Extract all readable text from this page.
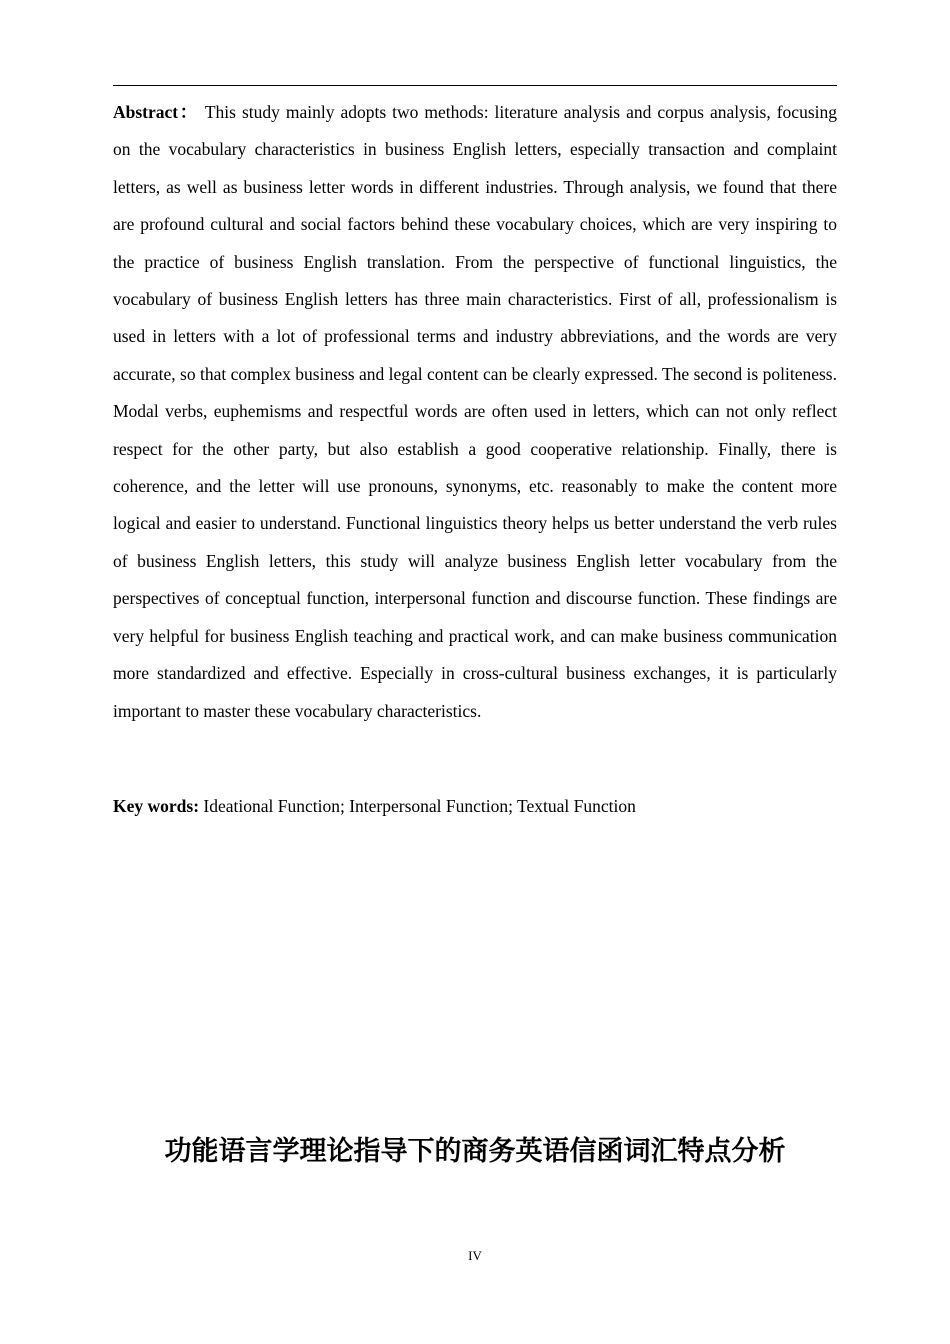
Abstract： This study mainly adopts two methods: literature analysis and corpus analysis, focusing on the vocabulary characteristics in business English letters, especially transaction and complaint letters, as well as business letter words in different industries. Through analysis, we found that there are profound cultural and social factors behind these vocabulary choices, which are very inspiring to the practice of business English translation. From the perspective of functional linguistics, the vocabulary of business English letters has three main characteristics. First of all, professionalism is used in letters with a lot of professional terms and industry abbreviations, and the words are very accurate, so that complex business and legal content can be clearly expressed. The second is politeness. Modal verbs, euphemisms and respectful words are often used in letters, which can not only reflect respect for the other party, but also establish a good cooperative relationship. Finally, there is coherence, and the letter will use pronouns, synonyms, etc. reasonably to make the content more logical and easier to understand. Functional linguistics theory helps us better understand the verb rules of business English letters, this study will analyze business English letter vocabulary from the perspectives of conceptual function, interpersonal function and discourse function. These findings are very helpful for business English teaching and practical work, and can make business communication more standardized and effective. Especially in cross-cultural business exchanges, it is particularly important to master these vocabulary characteristics.

Key words: Ideational Function; Interpersonal Function; Textual Function

功能语言学理论指导下的商务英语信函词汇特点分析
IV
